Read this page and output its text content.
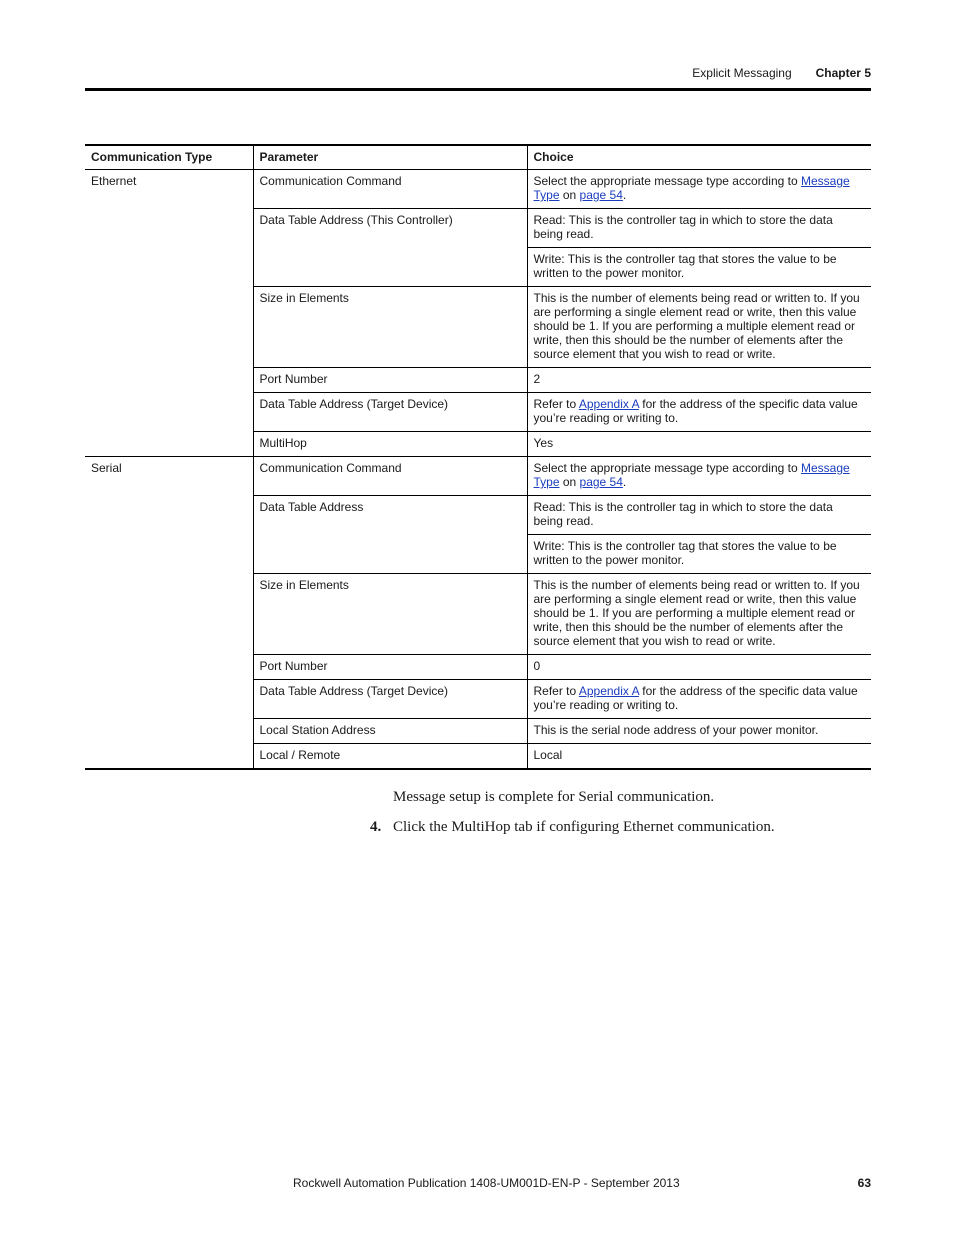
Explicit Messaging Chapter 5
Communication Type	Parameter	Choice
Ethernet	Communication Command	Select the appropriate message type according to Message Type on page 54.
	Data Table Address (This Controller)	Read: This is the controller tag in which to store the data being read.
		Write: This is the controller tag that stores the value to be written to the power monitor.
	Size in Elements	This is the number of elements being read or written to. If you are performing a single element read or write, then this value should be 1. If you are performing a multiple element read or write, then this should be the number of elements after the source element that you wish to read or write.
	Port Number	2
	Data Table Address (Target Device)	Refer to Appendix A for the address of the specific data value you’re reading or writing to.
	MultiHop	Yes
Serial	Communication Command	Select the appropriate message type according to Message Type on page 54.
	Data Table Address	Read: This is the controller tag in which to store the data being read.
		Write: This is the controller tag that stores the value to be written to the power monitor.
	Size in Elements	This is the number of elements being read or written to. If you are performing a single element read or write, then this value should be 1. If you are performing a multiple element read or write, then this should be the number of elements after the source element that you wish to read or write.
	Port Number	0
	Data Table Address (Target Device)	Refer to Appendix A for the address of the specific data value you’re reading or writing to.
	Local Station Address	This is the serial node address of your power monitor.
	Local / Remote	Local
Message setup is complete for Serial communication.
4. Click the MultiHop tab if configuring Ethernet communication.
Rockwell Automation Publication 1408-UM001D-EN-P - September 2013	63
